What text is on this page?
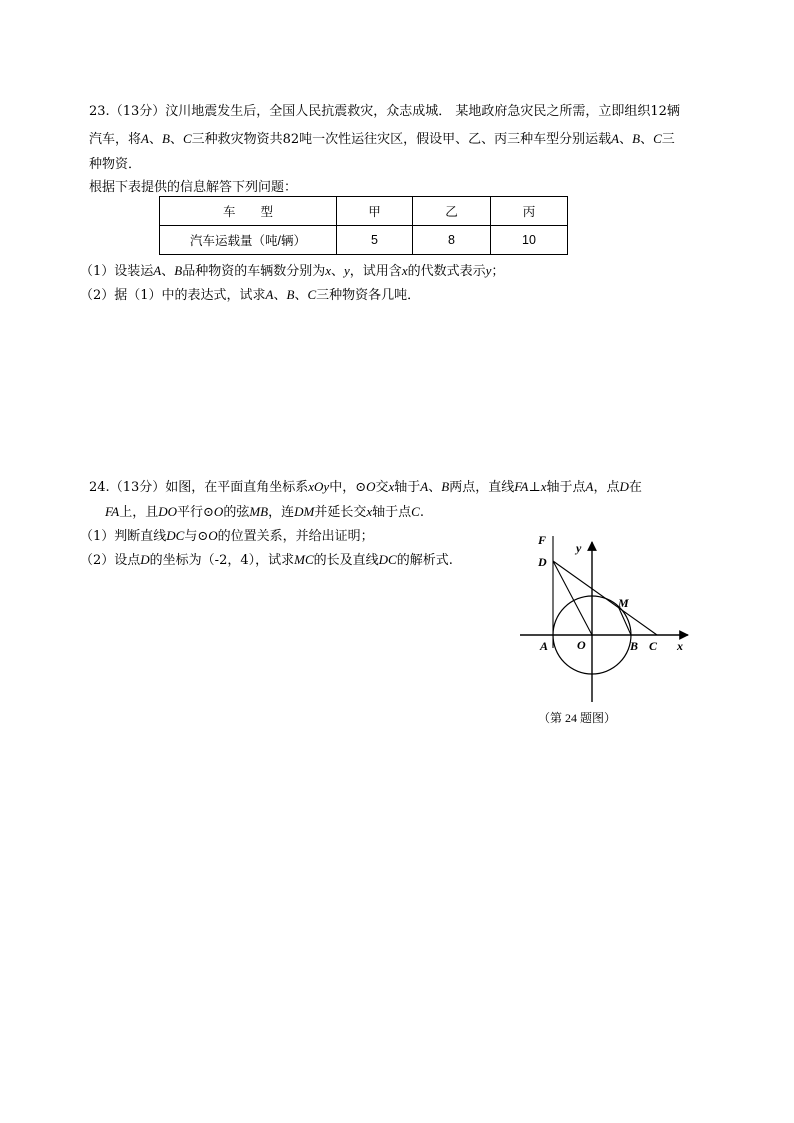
23.（13分）汶川地震发生后，全国人民抗震救灾，众志成城． 某地政府急灾民之所需，立即组织12辆
汽车，将A、B、C三种救灾物资共82吨一次性运往灾区，假设甲、乙、丙三种车型分别运载A、B、C三
种物资．
根据下表提供的信息解答下列问题：
车　　型	甲	乙	丙
汽车运载量（吨/辆）	5	8	10
（1）设装运A、B品种物资的车辆数分别为x、y，试用含x的代数式表示y；
（2）据（1）中的表达式，试求A、B、C三种物资各几吨．
24.（13分）如图，在平面直角坐标系xOy中，⊙O交x轴于A、B两点，直线FA⊥x轴于点A，点D在
FA上，且DO平行⊙O的弦MB，连DM并延长交x轴于点C.
（1）判断直线DC与⊙O的位置关系，并给出证明；
（2）设点D的坐标为（-2，4），试求MC的长及直线DC的解析式.
F
D
y
M
A O	B C x
（第 24 题图）
